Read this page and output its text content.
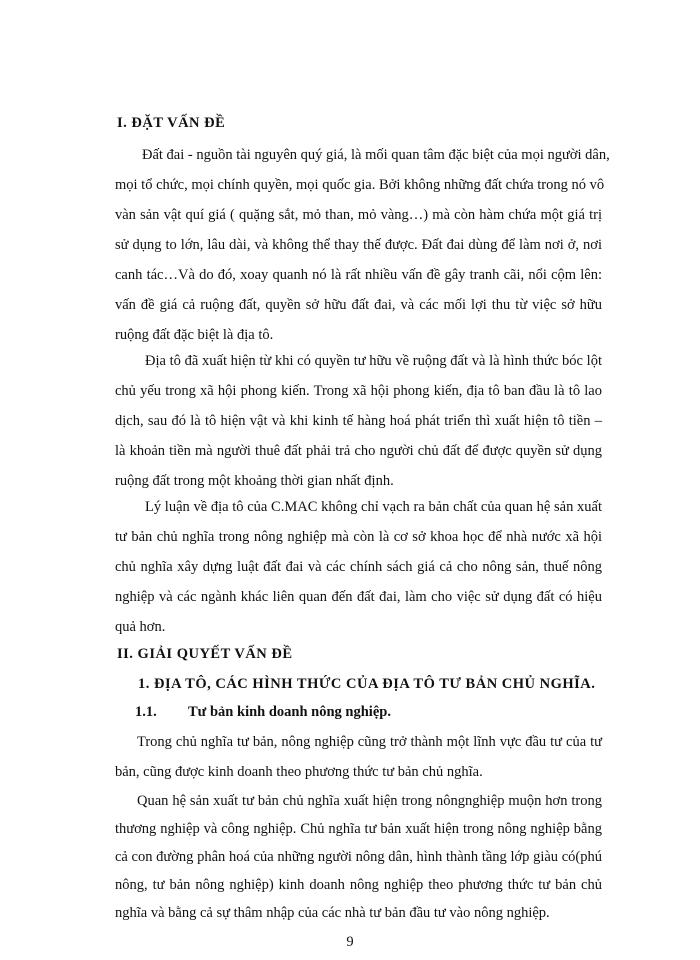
I. ĐẶT VẤN ĐỀ
Đất đai - nguồn tài nguyên quý giá, là mối quan tâm đặc biệt của mọi người dân,
mọi tổ chức, mọi chính quyền, mọi quốc gia. Bởi không những đất chứa trong nó vô
vàn sản vật quí giá ( quặng sắt, mỏ than, mỏ vàng…) mà còn hàm chứa một giá trị
sử dụng to lớn, lâu dài, và không thể thay thế được. Đất đai dùng để làm nơi ở, nơi
canh tác…Và do đó, xoay quanh nó là rất nhiều vấn đề gây tranh cãi, nổi cộm lên:
vấn đề giá cả ruộng đất, quyền sở hữu đất đai, và các mối lợi thu từ việc sở hữu
ruộng đất đặc biệt là địa tô.
Địa tô đã xuất hiện từ khi có quyền tư hữu về ruộng đất và là hình thức bóc lột
chủ yếu trong xã hội phong kiến. Trong xã hội phong kiến, địa tô ban đầu là tô lao
dịch, sau đó là tô hiện vật và khi kinh tế hàng hoá phát triển thì xuất hiện tô tiền –
là khoản tiền mà người thuê đất phải trả cho người chủ đất để được quyền sử dụng
ruộng đất trong một khoảng thời gian nhất định.
Lý luận về địa tô của C.MAC không chỉ vạch ra bản chất của quan hệ sản xuất
tư bản chủ nghĩa trong nông nghiệp mà còn là cơ sở khoa học để nhà nước xã hội
chủ nghĩa xây dựng luật đất đai và các chính sách giá cả cho nông sản, thuế nông
nghiệp và các ngành khác liên quan đến đất đai, làm cho việc sử dụng đất có hiệu
quả hơn.
II. GIẢI QUYẾT VẤN ĐỀ
1. ĐỊA TÔ, CÁC HÌNH THỨC CỦA ĐỊA TÔ TƯ BẢN CHỦ NGHĨA.
1.1. Tư bản kinh doanh nông nghiệp.
Trong chủ nghĩa tư bản, nông nghiệp cũng trở thành một lĩnh vực đầu tư của tư
bản, cũng được kinh doanh theo phương thức tư bản chủ nghĩa.
Quan hệ sản xuất tư bản chủ nghĩa xuất hiện trong nôngnghiệp muộn hơn trong
thương nghiệp và công nghiệp. Chủ nghĩa tư bản xuất hiện trong nông nghiệp bằng
cả con đường phân hoá của những người nông dân, hình thành tầng lớp giàu có(phú
nông, tư bản nông nghiệp) kinh doanh nông nghiệp theo phương thức tư bản chủ
nghĩa và bằng cả sự thâm nhập của các nhà tư bản đầu tư vào nông nghiệp.
9
